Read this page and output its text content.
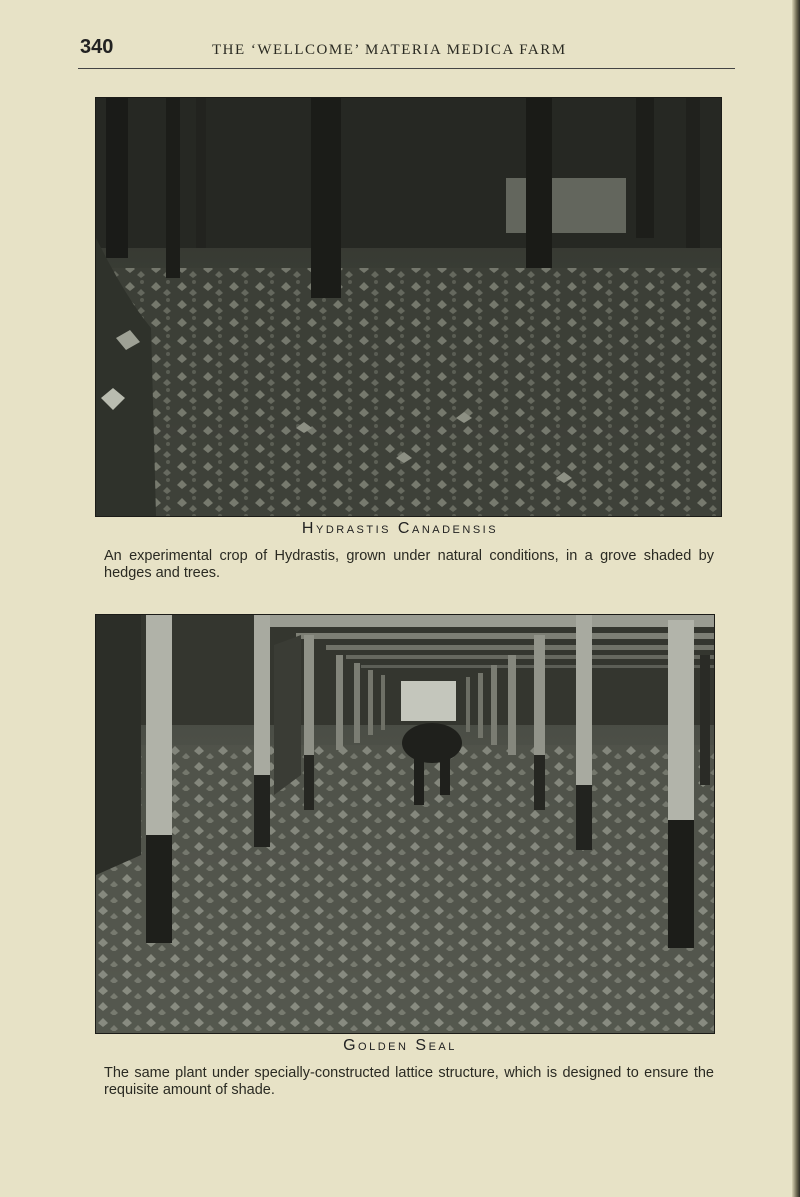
340	THE ‘WELLCOME’ MATERIA MEDICA FARM
Hydrastis Canadensis
An experimental crop of Hydrastis, grown under natural conditions, in a grove shaded by hedges and trees.
Golden Seal
The same plant under specially-constructed lattice structure, which is designed to ensure the requisite amount of shade.
